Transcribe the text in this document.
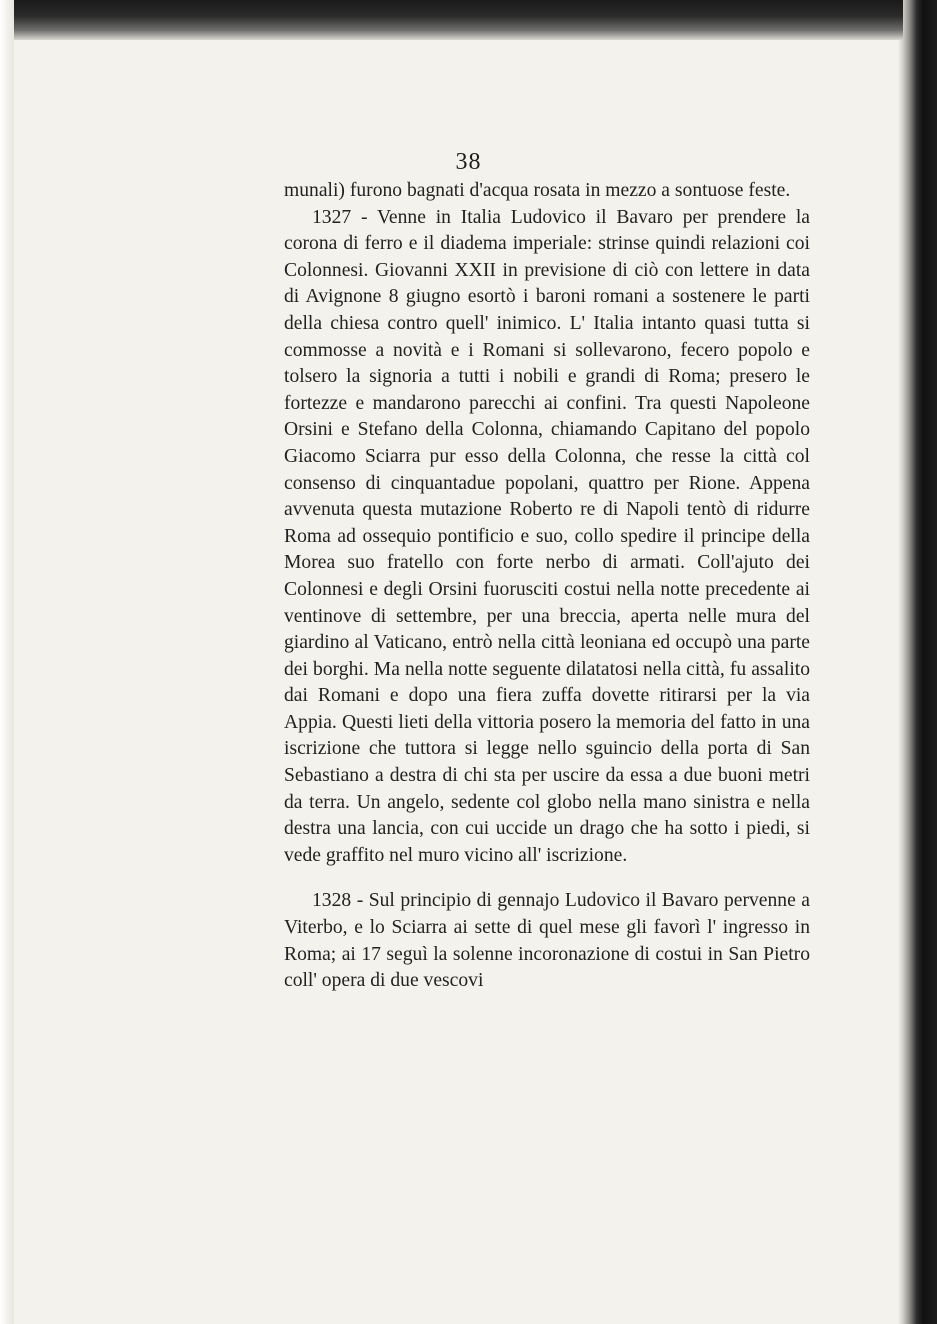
38

munali) furono bagnati d'acqua rosata in mezzo a sontuose feste.

1327 - Venne in Italia Ludovico il Bavaro per prendere la corona di ferro e il diadema imperiale: strinse quindi relazioni coi Colonnesi. Giovanni XXII in previsione di ciò con lettere in data di Avignone 8 giugno esortò i baroni romani a sostenere le parti della chiesa contro quell' inimico. L' Italia intanto quasi tutta si commosse a novità e i Romani si sollevarono, fecero popolo e tolsero la signoria a tutti i nobili e grandi di Roma; presero le fortezze e mandarono parecchi ai confini. Tra questi Napoleone Orsini e Stefano della Colonna, chiamando Capitano del popolo Giacomo Sciarra pur esso della Colonna, che resse la città col consenso di cinquantadue popolani, quattro per Rione. Appena avvenuta questa mutazione Roberto re di Napoli tentò di ridurre Roma ad ossequio pontificio e suo, collo spedire il principe della Morea suo fratello con forte nerbo di armati. Coll'ajuto dei Colonnesi e degli Orsini fuorusciti costui nella notte precedente ai ventinove di settembre, per una breccia, aperta nelle mura del giardino al Vaticano, entrò nella città leoniana ed occupò una parte dei borghi. Ma nella notte seguente dilatatosi nella città, fu assalito dai Romani e dopo una fiera zuffa dovette ritirarsi per la via Appia. Questi lieti della vittoria posero la memoria del fatto in una iscrizione che tuttora si legge nello sguincio della porta di San Sebastiano a destra di chi sta per uscire da essa a due buoni metri da terra. Un angelo, sedente col globo nella mano sinistra e nella destra una lancia, con cui uccide un drago che ha sotto i piedi, si vede graffito nel muro vicino all' iscrizione.

1328 - Sul principio di gennajo Ludovico il Bavaro pervenne a Viterbo, e lo Sciarra ai sette di quel mese gli favorì l' ingresso in Roma; ai 17 seguì la solenne incoronazione di costui in San Pietro coll' opera di due vescovi
